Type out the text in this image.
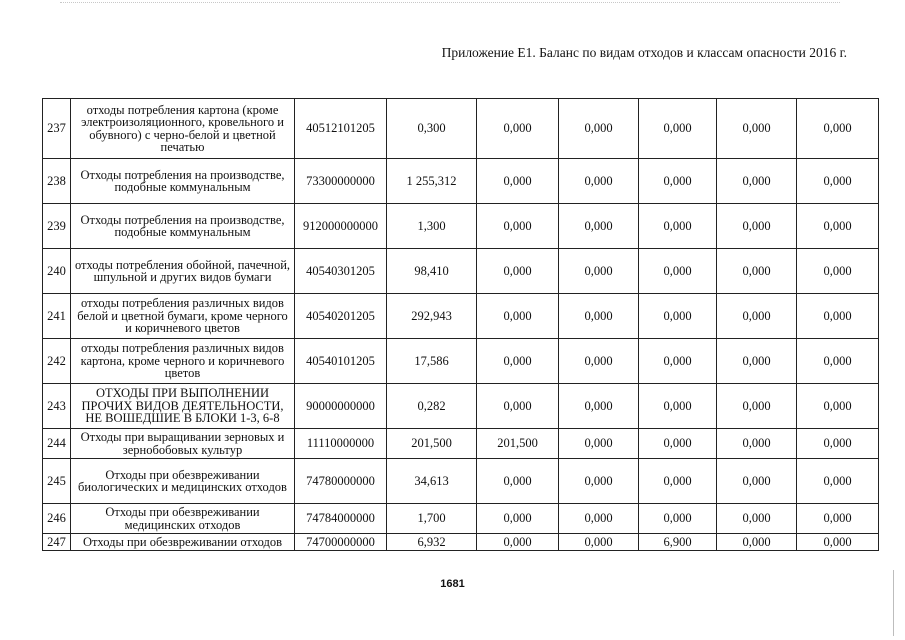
Приложение Е1. Баланс по видам отходов и классам опасности 2016 г.
237	отходы потребления картона (кроме электроизоляционного, кровельного и обувного) с черно-белой и цветной печатью	40512101205	0,300	0,000	0,000	0,000	0,000	0,000
238	Отходы потребления на производстве, подобные коммунальным	73300000000	1 255,312	0,000	0,000	0,000	0,000	0,000
239	Отходы потребления на производстве, подобные коммунальным	912000000000	1,300	0,000	0,000	0,000	0,000	0,000
240	отходы потребления обойной, пачечной, шпульной и других видов бумаги	40540301205	98,410	0,000	0,000	0,000	0,000	0,000
241	отходы потребления различных видов белой и цветной бумаги, кроме черного и коричневого цветов	40540201205	292,943	0,000	0,000	0,000	0,000	0,000
242	отходы потребления различных видов картона, кроме черного и коричневого цветов	40540101205	17,586	0,000	0,000	0,000	0,000	0,000
243	ОТХОДЫ ПРИ ВЫПОЛНЕНИИ ПРОЧИХ ВИДОВ ДЕЯТЕЛЬНОСТИ, НЕ ВОШЕДШИЕ В БЛОКИ 1-3, 6-8	90000000000	0,282	0,000	0,000	0,000	0,000	0,000
244	Отходы при выращивании зерновых и зернобобовых культур	11110000000	201,500	201,500	0,000	0,000	0,000	0,000
245	Отходы при обезвреживании биологических и медицинских отходов	74780000000	34,613	0,000	0,000	0,000	0,000	0,000
246	Отходы при обезвреживании медицинских отходов	74784000000	1,700	0,000	0,000	0,000	0,000	0,000
247	Отходы при обезвреживании отходов	74700000000	6,932	0,000	0,000	6,900	0,000	0,000
1681
